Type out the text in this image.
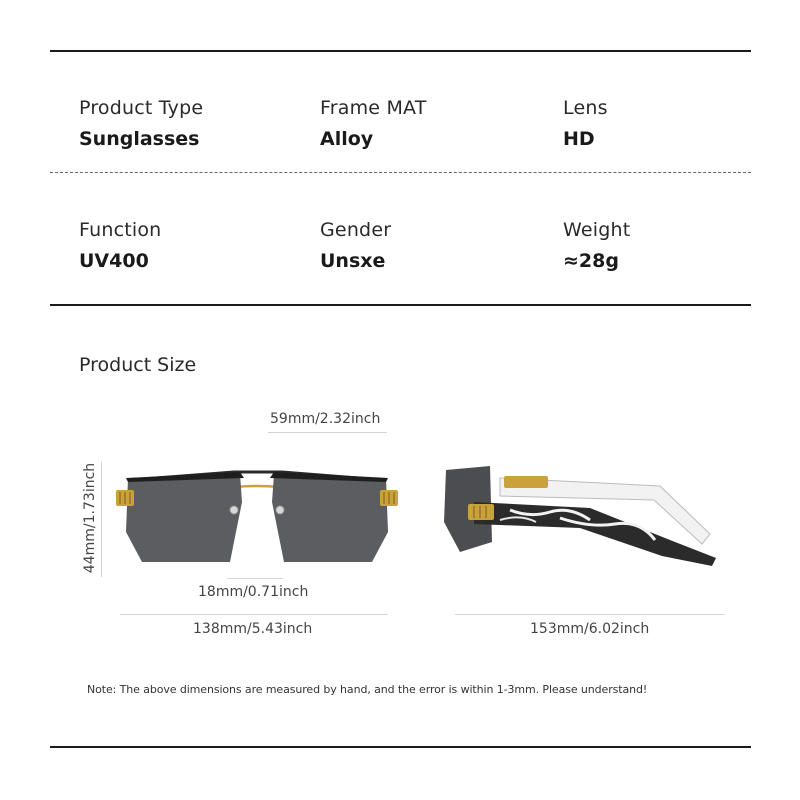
Product Type
Sunglasses
Frame MAT
Alloy
Lens
HD
Function
UV400
Gender
Unsxe
Weight
≈28g
Product Size
59mm/2.32inch
44mm/1.73inch
18mm/0.71inch
138mm/5.43inch	153mm/6.02inch
Note: The above dimensions are measured by hand, and the error is within 1-3mm. Please understand!
